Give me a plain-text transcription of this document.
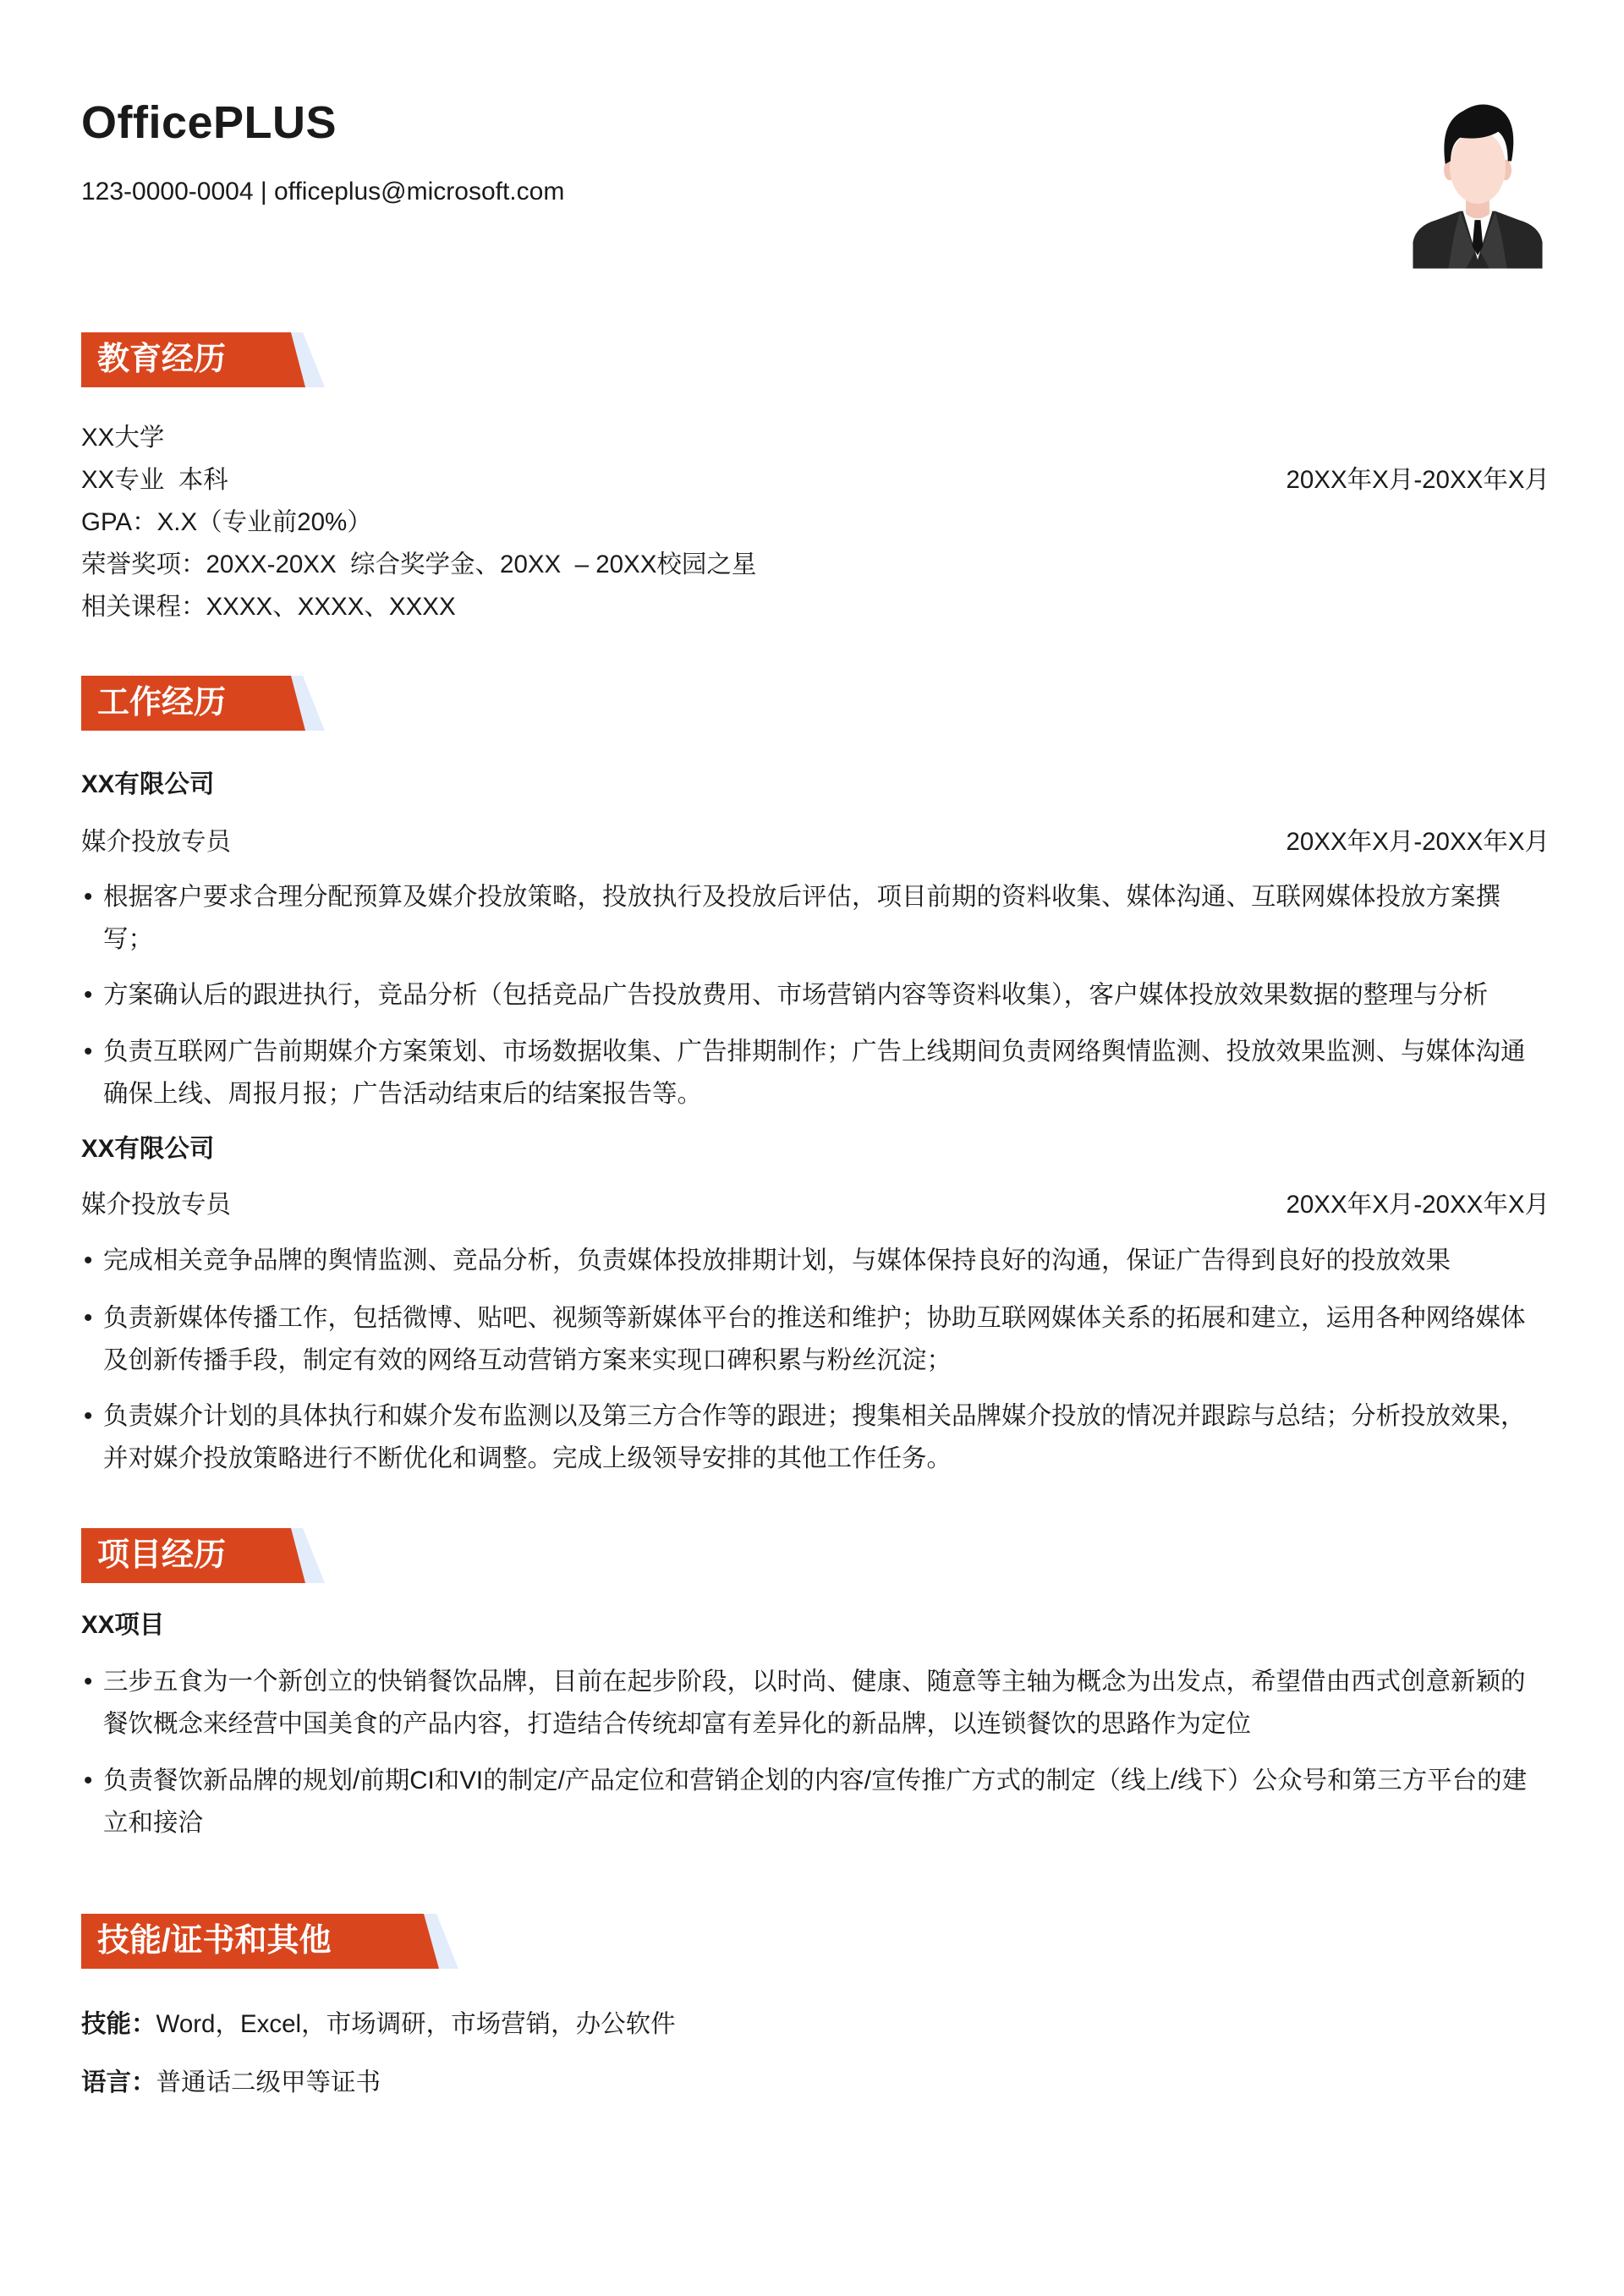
OfficePLUS
123-0000-0004 | officeplus@microsoft.com
教育经历
XX大学
XX专业  本科	20XX年X月-20XX年X月
GPA：X.X（专业前20%）
荣誉奖项：20XX-20XX  综合奖学金、20XX  – 20XX校园之星
相关课程：XXXX、XXXX、XXXX
工作经历
XX有限公司
媒介投放专员	20XX年X月-20XX年X月
• 根据客户要求合理分配预算及媒介投放策略，投放执行及投放后评估，项目前期的资料收集、媒体沟通、互联网媒体投放方案撰写；
• 方案确认后的跟进执行，竞品分析（包括竞品广告投放费用、市场营销内容等资料收集），客户媒体投放效果数据的整理与分析
• 负责互联网广告前期媒介方案策划、市场数据收集、广告排期制作；广告上线期间负责网络舆情监测、投放效果监测、与媒体沟通确保上线、周报月报；广告活动结束后的结案报告等。
XX有限公司
媒介投放专员	20XX年X月-20XX年X月
• 完成相关竞争品牌的舆情监测、竞品分析，负责媒体投放排期计划，与媒体保持良好的沟通，保证广告得到良好的投放效果
• 负责新媒体传播工作，包括微博、贴吧、视频等新媒体平台的推送和维护；协助互联网媒体关系的拓展和建立，运用各种网络媒体及创新传播手段，制定有效的网络互动营销方案来实现口碑积累与粉丝沉淀；
• 负责媒介计划的具体执行和媒介发布监测以及第三方合作等的跟进；搜集相关品牌媒介投放的情况并跟踪与总结；分析投放效果，并对媒介投放策略进行不断优化和调整。完成上级领导安排的其他工作任务。
项目经历
XX项目
• 三步五食为一个新创立的快销餐饮品牌，目前在起步阶段，以时尚、健康、随意等主轴为概念为出发点，希望借由西式创意新颖的餐饮概念来经营中国美食的产品内容，打造结合传统却富有差异化的新品牌，以连锁餐饮的思路作为定位
• 负责餐饮新品牌的规划/前期CI和VI的制定/产品定位和营销企划的内容/宣传推广方式的制定（线上/线下）公众号和第三方平台的建立和接洽
技能/证书和其他
技能：Word，Excel，市场调研，市场营销，办公软件
语言：普通话二级甲等证书
